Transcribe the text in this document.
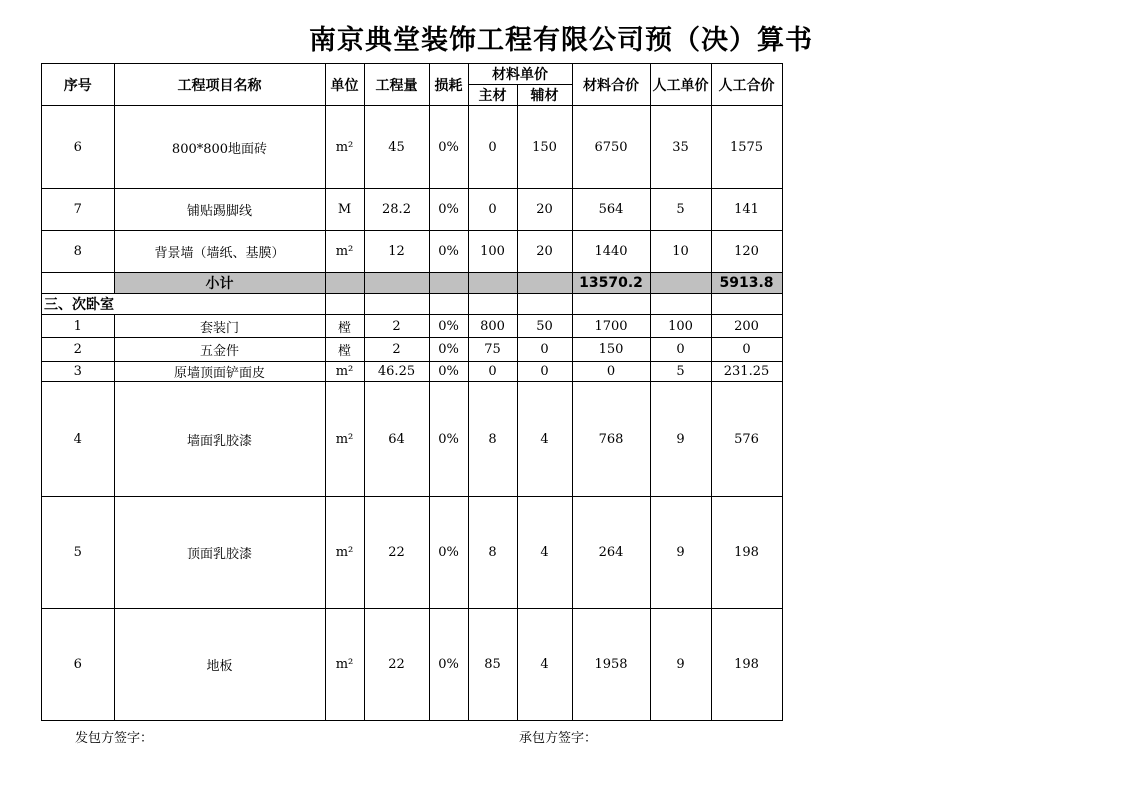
南京典堂装饰工程有限公司预（决）算书
序号	工程项目名称	单位	工程量	损耗	材料单价		材料合价	人工单价	人工合价
					主材	辅材			
6	800*800地面砖	m²	45	0%	0	150	6750	35	1575
7	铺贴踢脚线	M	28.2	0%	0	20	564	5	141
8	背景墙（墙纸、基膜）	m²	12	0%	100	20	1440	10	120
	小计						13570.2		5913.8
三、次卧室									
1	套装门	樘	2	0%	800	50	1700	100	200
2	五金件	樘	2	0%	75	0	150	0	0
3	原墙顶面铲面皮	m²	46.25	0%	0	0	0	5	231.25
4	墙面乳胶漆	m²	64	0%	8	4	768	9	576
5	顶面乳胶漆	m²	22	0%	8	4	264	9	198
6	地板	m²	22	0%	85	4	1958	9	198
发包方签字：	承包方签字：
